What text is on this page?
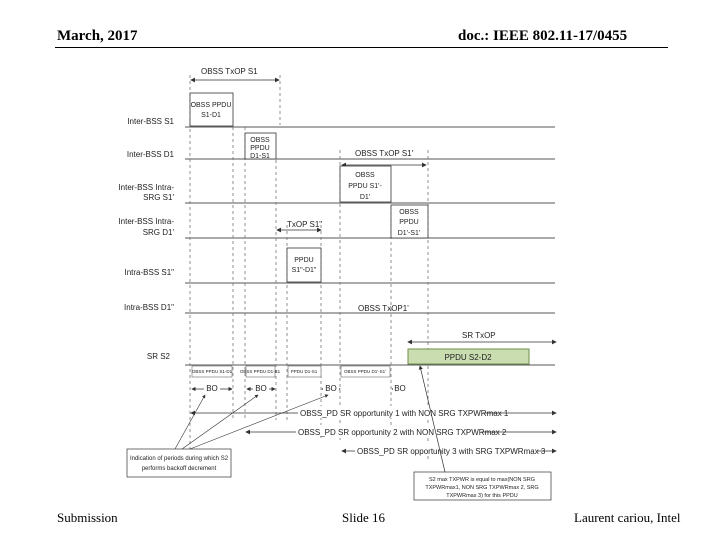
March, 2017	doc.: IEEE 802.11-17/0455
OBSS TxOP S1
OBSS TxOP S1'
TxOP S1"
OBSS TxOP1'
SR TxOP
Inter-BSS S1
Inter-BSS D1
Inter-BSS Intra-
SRG S1'
Inter-BSS Intra-
SRG D1'
Intra-BSS S1"
Intra-BSS D1"
SR S2
OBSS PPDU
S1-D1
OBSS
PPDU
D1-S1
OBSS
PPDU S1'-
D1'
OBSS
PPDU
D1'-S1'
PPDU
S1"-D1"
PPDU S2-D2
OBSS PPDU S1-D1 OBSS PPDU D1-S1 PPDU D1-S1	OBSS PPDU D1'-S1'
BO	BO	BO	BO
OBSS_PD SR opportunity 1 with NON SRG TXPWRmax 1
OBSS_PD SR opportunity 2 with NON SRG TXPWRmax 2
OBSS_PD SR opportunity 3 with SRG TXPWRmax 3
Indication of periods during which S2
performs backoff decrement
S2 max TXPWR is equal to max(NON SRG
TXPWRmax1, NON SRG TXPWRmax 2, SRG
TXPWRmax 3) for this PPDU
Submission	Slide 16	Laurent cariou, Intel
